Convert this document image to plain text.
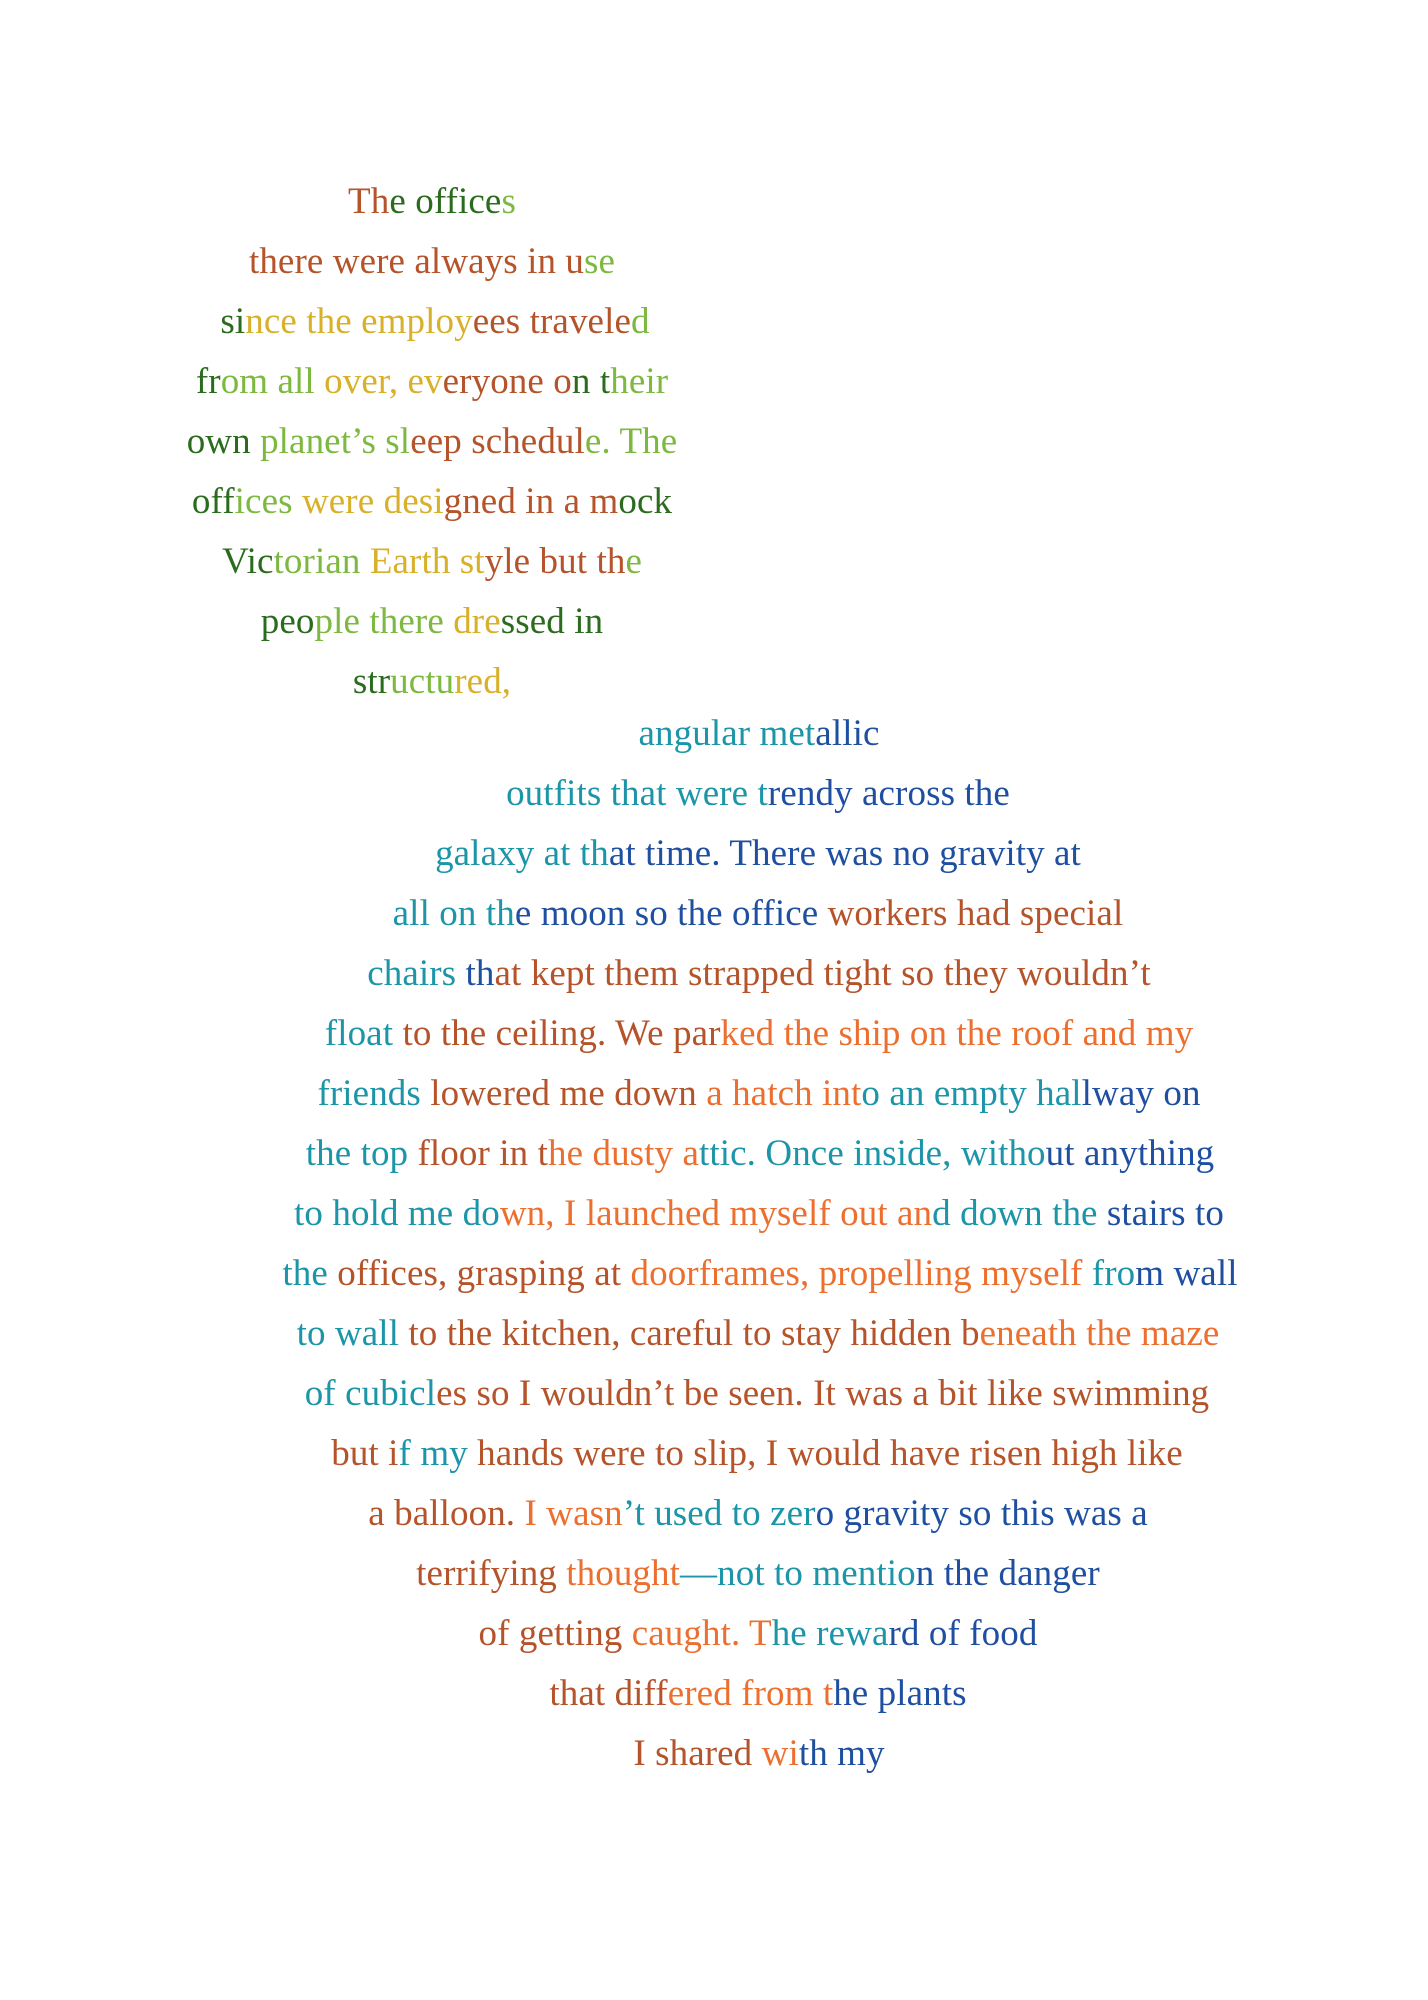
The offices
there were always in use
since the employees traveled
from all over, everyone on their
own planet’s sleep schedule. The
offices were designed in a mock
Victorian Earth style but the
people there dressed in
structured,
angular metallic
outfits that were trendy across the
galaxy at that time. There was no gravity at
all on the moon so the office workers had special
chairs that kept them strapped tight so they wouldn’t
float to the ceiling. We parked the ship on the roof and my
friends lowered me down a hatch into an empty hallway on
the top floor in the dusty attic. Once inside, without anything
to hold me down, I launched myself out and down the stairs to
the offices, grasping at doorframes, propelling myself from wall
to wall to the kitchen, careful to stay hidden beneath the maze
of cubicles so I wouldn’t be seen. It was a bit like swimming
but if my hands were to slip, I would have risen high like
a balloon. I wasn’t used to zero gravity so this was a
terrifying thought—not to mention the danger
of getting caught. The reward of food
that differed from the plants
I shared with my
